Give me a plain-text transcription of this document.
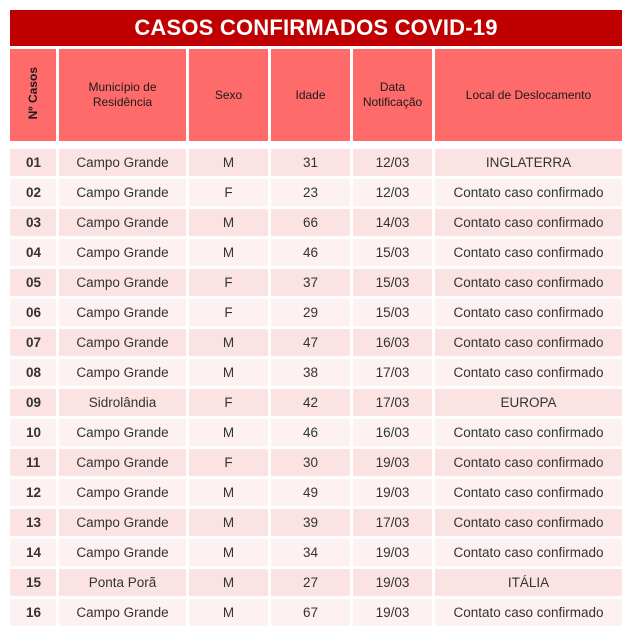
CASOS CONFIRMADOS COVID-19
Nº Casos	Município de Residência	Sexo	Idade	Data Notificação	Local de Deslocamento

01	Campo Grande	M	31	12/03	INGLATERRA
02	Campo Grande	F	23	12/03	Contato caso confirmado
03	Campo Grande	M	66	14/03	Contato caso confirmado
04	Campo Grande	M	46	15/03	Contato caso confirmado
05	Campo Grande	F	37	15/03	Contato caso confirmado
06	Campo Grande	F	29	15/03	Contato caso confirmado
07	Campo Grande	M	47	16/03	Contato caso confirmado
08	Campo Grande	M	38	17/03	Contato caso confirmado
09	Sidrolândia	F	42	17/03	EUROPA
10	Campo Grande	M	46	16/03	Contato caso confirmado
11	Campo Grande	F	30	19/03	Contato caso confirmado
12	Campo Grande	M	49	19/03	Contato caso confirmado
13	Campo Grande	M	39	17/03	Contato caso confirmado
14	Campo Grande	M	34	19/03	Contato caso confirmado
15	Ponta Porã	M	27	19/03	ITÁLIA
16	Campo Grande	M	67	19/03	Contato caso confirmado
